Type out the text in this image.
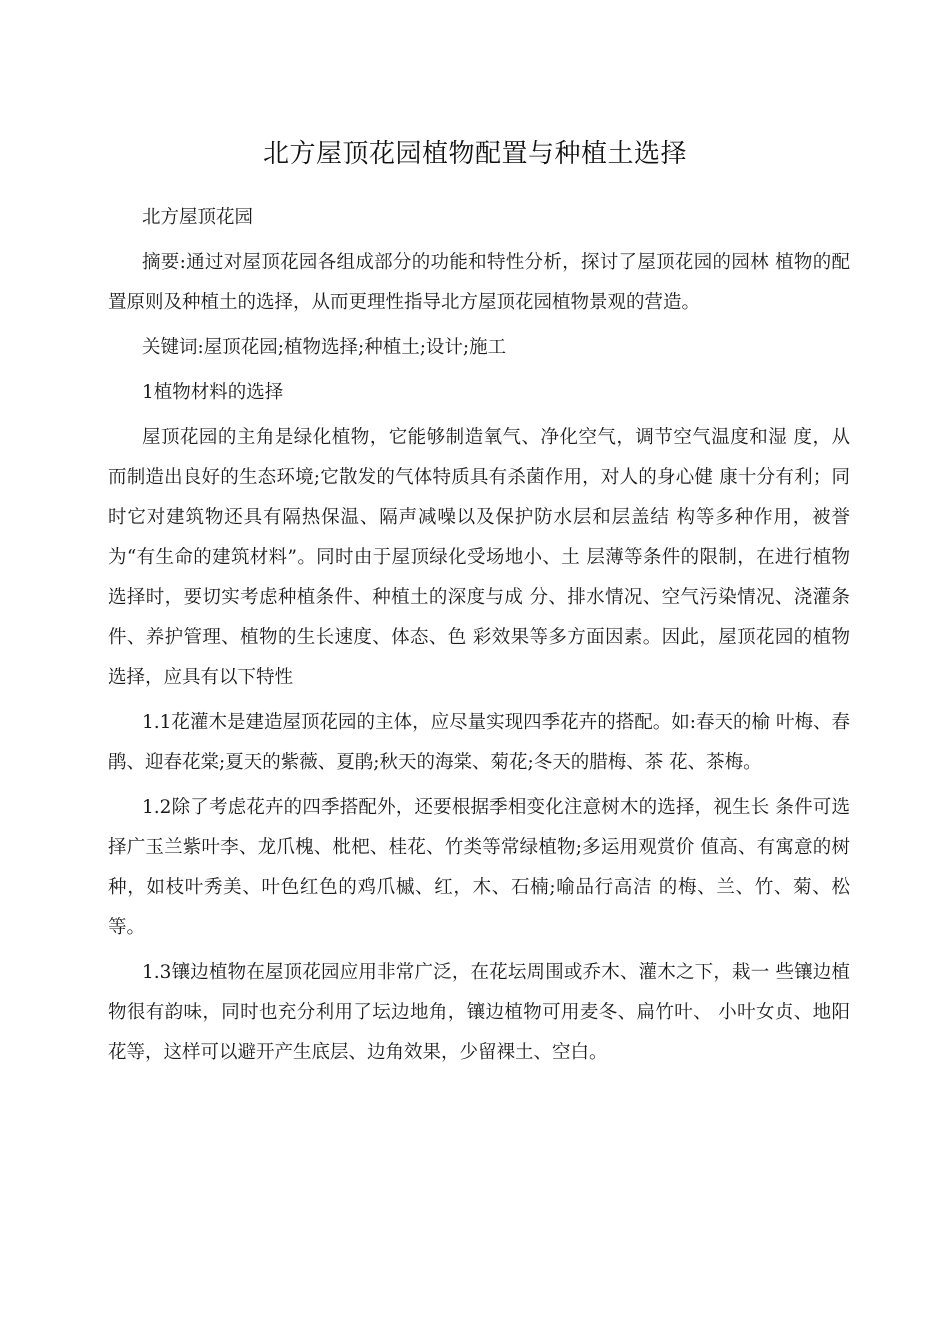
北方屋顶花园植物配置与种植土选择

北方屋顶花园

摘要:通过对屋顶花园各组成部分的功能和特性分析，探讨了屋顶花园的园林 植物的配置原则及种植土的选择，从而更理性指导北方屋顶花园植物景观的营造。

关键词:屋顶花园;植物选择;种植土;设计;施工

1植物材料的选择

屋顶花园的主角是绿化植物，它能够制造氧气、净化空气，调节空气温度和湿 度，从而制造出良好的生态环境;它散发的气体特质具有杀菌作用，对人的身心健 康十分有利；同时它对建筑物还具有隔热保温、隔声减噪以及保护防水层和层盖结 构等多种作用，被誉为“有生命的建筑材料”。同时由于屋顶绿化受场地小、土 层薄等条件的限制，在进行植物选择时，要切实考虑种植条件、种植土的深度与成 分、排水情况、空气污染情况、浇灌条件、养护管理、植物的生长速度、体态、色 彩效果等多方面因素。因此，屋顶花园的植物选择，应具有以下特性

1.1花灌木是建造屋顶花园的主体，应尽量实现四季花卉的搭配。如:春天的榆 叶梅、春鹃、迎春花棠;夏天的紫薇、夏鹃;秋天的海棠、菊花;冬天的腊梅、茶 花、茶梅。

1.2除了考虑花卉的四季搭配外，还要根据季相变化注意树木的选择，视生长 条件可选择广玉兰紫叶李、龙爪槐、枇杷、桂花、竹类等常绿植物;多运用观赏价 值高、有寓意的树种，如枝叶秀美、叶色红色的鸡爪槭、红，木、石楠;喻品行高洁 的梅、兰、竹、菊、松等。

1.3镶边植物在屋顶花园应用非常广泛，在花坛周围或乔木、灌木之下，栽一 些镶边植物很有韵味，同时也充分利用了坛边地角，镶边植物可用麦冬、扁竹叶、 小叶女贞、地阳花等，这样可以避开产生底层、边角效果，少留裸土、空白。
